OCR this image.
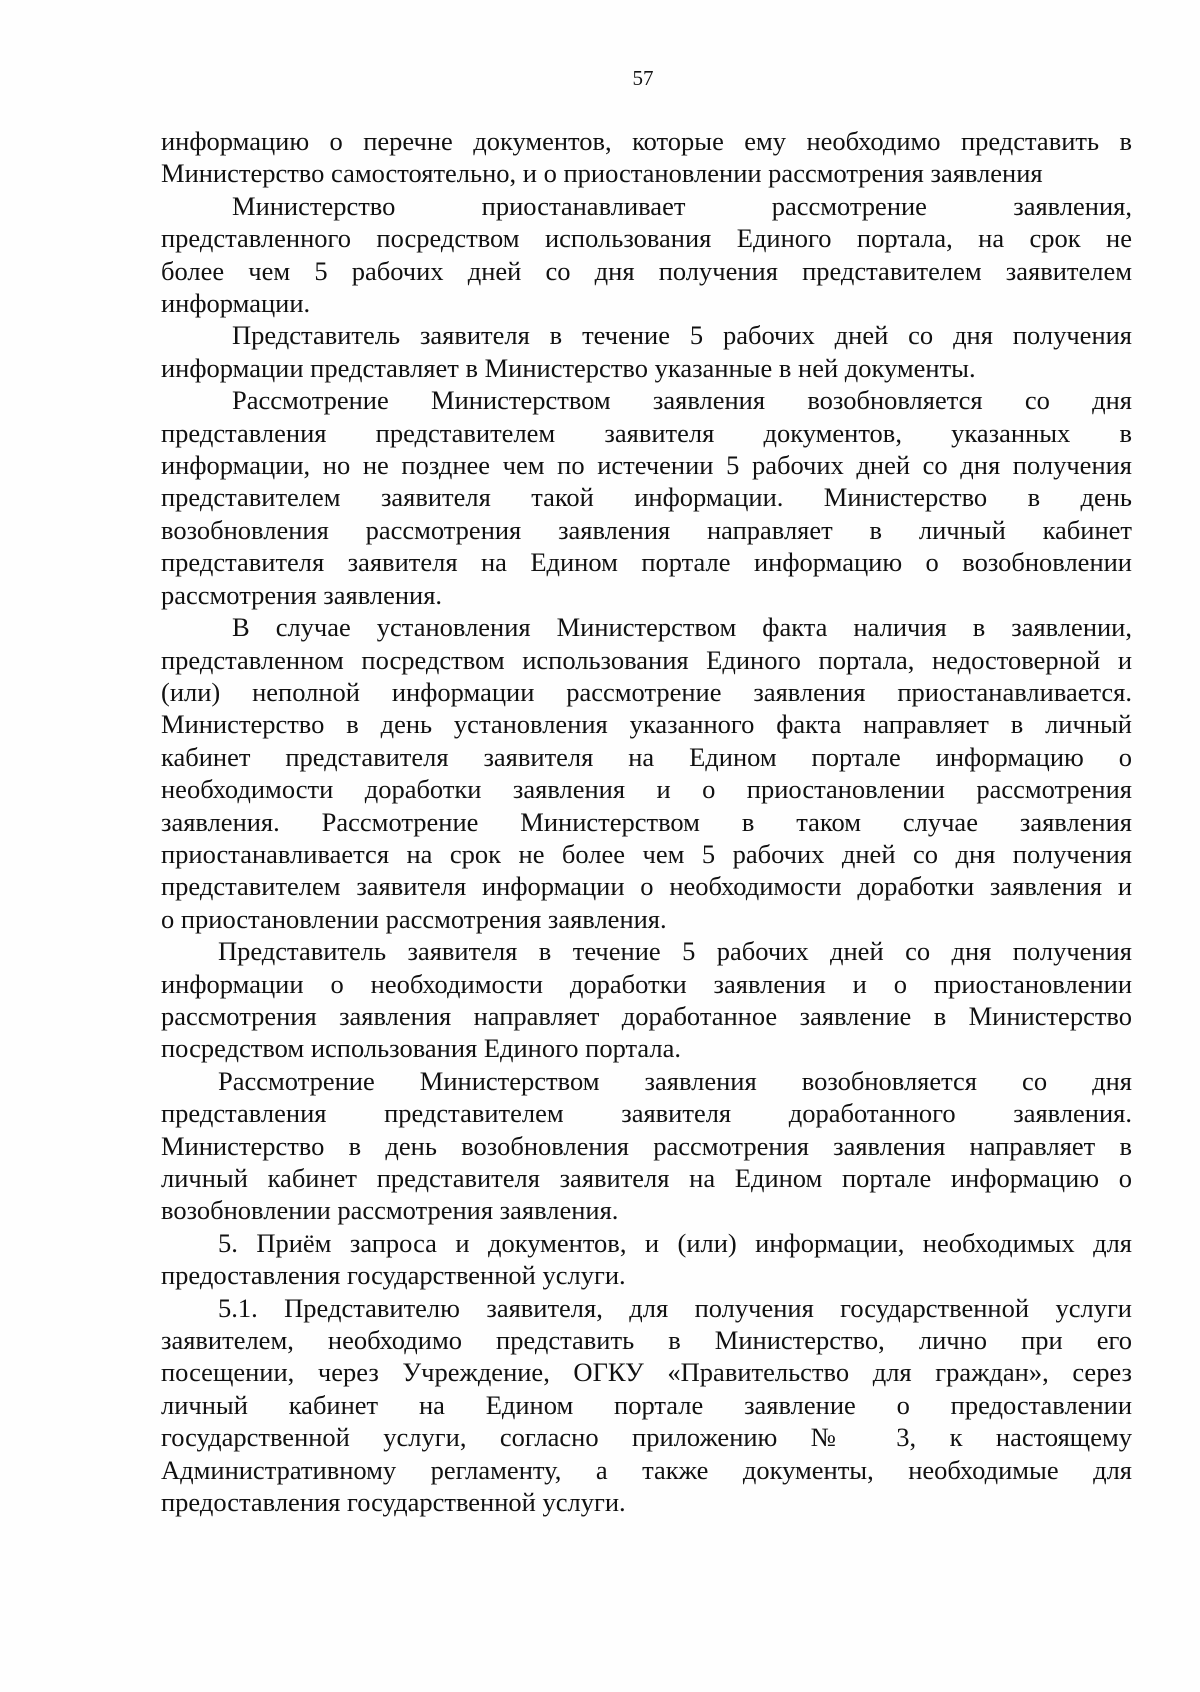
57

информацию о перечне документов, которые ему необходимо представить в
Министерство самостоятельно, и о приостановлении рассмотрения заявления

Министерство приостанавливает рассмотрение заявления,
представленного посредством использования Единого портала, на срок не
более чем 5 рабочих дней со дня получения представителем заявителем
информации.

Представитель заявителя в течение 5 рабочих дней со дня получения
информации представляет в Министерство указанные в ней документы.

Рассмотрение Министерством заявления возобновляется со дня
представления представителем заявителя документов, указанных в
информации, но не позднее чем по истечении 5 рабочих дней со дня получения
представителем заявителя такой информации. Министерство в день
возобновления рассмотрения заявления направляет в личный кабинет
представителя заявителя на Едином портале информацию о возобновлении
рассмотрения заявления.

В случае установления Министерством факта наличия в заявлении,
представленном посредством использования Единого портала, недостоверной и
(или) неполной информации рассмотрение заявления приостанавливается.
Министерство в день установления указанного факта направляет в личный
кабинет представителя заявителя на Едином портале информацию о
необходимости доработки заявления и о приостановлении рассмотрения
заявления. Рассмотрение Министерством в таком случае заявления
приостанавливается на срок не более чем 5 рабочих дней со дня получения
представителем заявителя информации о необходимости доработки заявления и
о приостановлении рассмотрения заявления.

Представитель заявителя в течение 5 рабочих дней со дня получения
информации о необходимости доработки заявления и о приостановлении
рассмотрения заявления направляет доработанное заявление в Министерство
посредством использования Единого портала.

Рассмотрение Министерством заявления возобновляется со дня
представления представителем заявителя доработанного заявления.
Министерство в день возобновления рассмотрения заявления направляет в
личный кабинет представителя заявителя на Едином портале информацию о
возобновлении рассмотрения заявления.

5. Приём запроса и документов, и (или) информации, необходимых для
предоставления государственной услуги.

5.1. Представителю заявителя, для получения государственной услуги
заявителем, необходимо представить в Министерство, лично при его
посещении, через Учреждение, ОГКУ «Правительство для граждан», серез
личный кабинет на Едином портале заявление о предоставлении
государственной услуги, согласно приложению № 3, к настоящему
Административному регламенту, а также документы, необходимые для
предоставления государственной услуги.
